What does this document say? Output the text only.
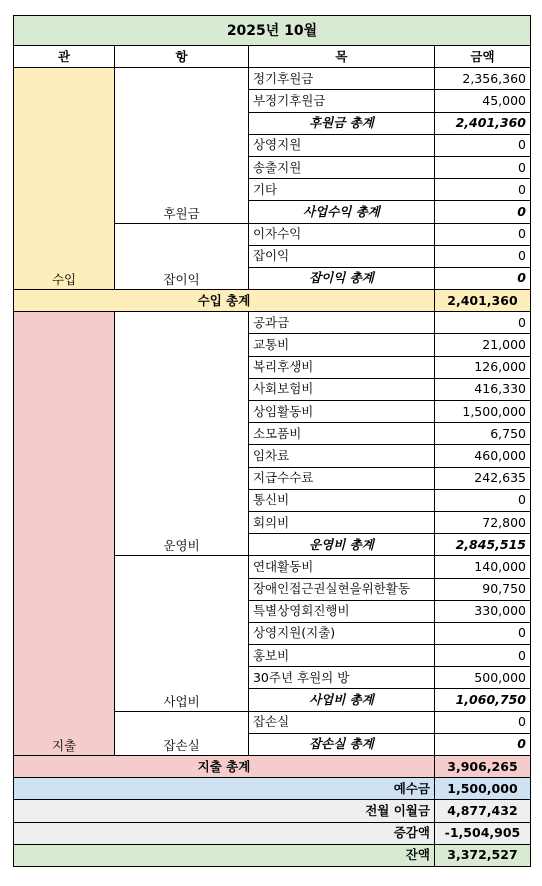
2025년 10월			
관	항	목	금액
수입	후원금	정기후원금	2,356,360
		부정기후원금	45,000
		후원금 총계	2,401,360
		상영지원	0
		송출지원	0
		기타	0
		사업수익 총계	0
	잡이익	이자수익	0
		잡이익	0
		잡이익 총계	0
수입 총계			2,401,360
지출	운영비	공과금	0
		교통비	21,000
		복리후생비	126,000
		사회보험비	416,330
		상임활동비	1,500,000
		소모품비	6,750
		임차료	460,000
		지급수수료	242,635
		통신비	0
		회의비	72,800
		운영비 총계	2,845,515
	사업비	연대활동비	140,000
		장애인접근권실현을위한활동	90,750
		특별상영회진행비	330,000
		상영지원(지출)	0
		홍보비	0
		30주년 후원의 방	500,000
		사업비 총계	1,060,750
	잡손실	잡손실	0
		잡손실 총계	0
지출 총계			3,906,265
예수금			1,500,000
전월 이월금			4,877,432
증감액			-1,504,905
잔액			3,372,527
